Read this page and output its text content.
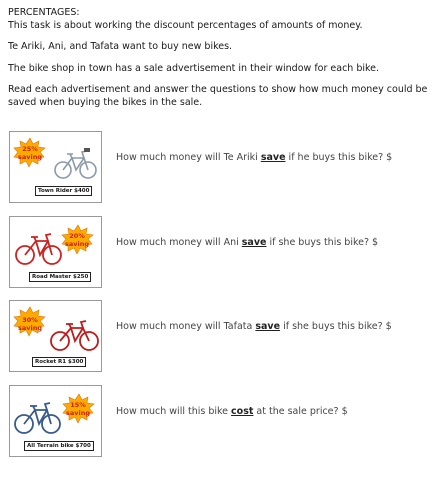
PERCENTAGES:

This task is about working the discount percentages of amounts of money.

Te Ariki, Ani, and Tafata want to buy new bikes.

The bike shop in town has a sale advertisement in their window for each bike.

Read each advertisement and answer the questions to show how much money could be saved when buying the bikes in the sale.

25%
saving
Town Rider $400
How much money will Te Ariki save if he buys this bike? $
20%
saving
Road Master $250
How much money will Ani save if she buys this bike? $
30%
saving
Rocket R1 $300
How much money will Tafata save if she buys this bike? $
15%
saving
All Terrain bike $700
How much will this bike cost at the sale price? $
